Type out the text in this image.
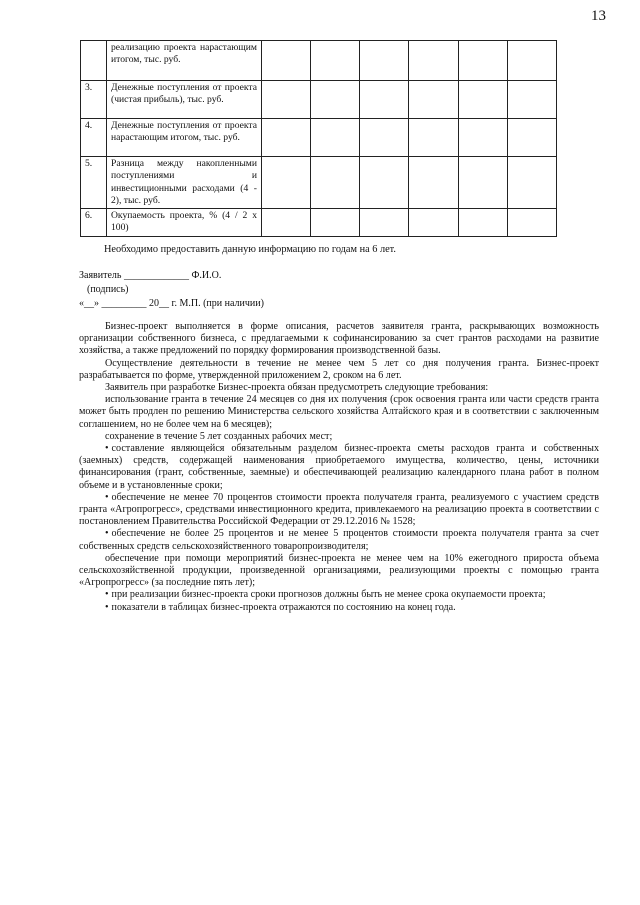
13
	реализацию проекта нарастающим итогом, тыс. руб.						
3.	Денежные поступления от проекта (чистая прибыль), тыс. руб.						
4.	Денежные поступления от проекта нарастающим итогом, тыс. руб.						
5.	Разница между накопленными поступлениями и инвестиционными расходами (4 - 2), тыс. руб.						
6.	Окупаемость проекта, % (4 / 2 х 100)						
Необходимо предоставить данную информацию по годам на 6 лет.
Заявитель _____________ Ф.И.О.
(подпись)
«__» _________ 20__ г. М.П. (при наличии)

Бизнес-проект выполняется в форме описания, расчетов заявителя гранта, раскрывающих возможность организации собственного бизнеса, с предлагаемыми к софинансированию за счет грантов расходами на развитие хозяйства, а также предложений по порядку формирования производственной базы.

Осуществление деятельности в течение не менее чем 5 лет со дня получения гранта. Бизнес-проект разрабатывается по форме, утвержденной приложением 2, сроком на 6 лет.

Заявитель при разработке Бизнес-проекта обязан предусмотреть следующие требования:

использование гранта в течение 24 месяцев со дня их получения (срок освоения гранта или части средств гранта может быть продлен по решению Министерства сельского хозяйства Алтайского края и в соответствии с заключенным соглашением, но не более чем на 6 месяцев);

сохранение в течение 5 лет созданных рабочих мест;

• составление являющейся обязательным разделом бизнес-проекта сметы расходов гранта и собственных (заемных) средств, содержащей наименования приобретаемого имущества, количество, цены, источники финансирования (грант, собственные, заемные) и обеспечивающей реализацию календарного плана работ в полном объеме и в установленные сроки;

• обеспечение не менее 70 процентов стоимости проекта получателя гранта, реализуемого с участием средств гранта «Агропрогресс», средствами инвестиционного кредита, привлекаемого на реализацию проекта в соответствии с постановлением Правительства Российской Федерации от 29.12.2016 № 1528;

• обеспечение не более 25 процентов и не менее 5 процентов стоимости проекта получателя гранта за счет собственных средств сельскохозяйственного товаропроизводителя;

обеспечение при помощи мероприятий бизнес-проекта не менее чем на 10% ежегодного прироста объема сельскохозяйственной продукции, произведенной организациями, реализующими проекты с помощью гранта «Агропрогресс» (за последние пять лет);

• при реализации бизнес-проекта сроки прогнозов должны быть не менее срока окупаемости проекта;

• показатели в таблицах бизнес-проекта отражаются по состоянию на конец года.
